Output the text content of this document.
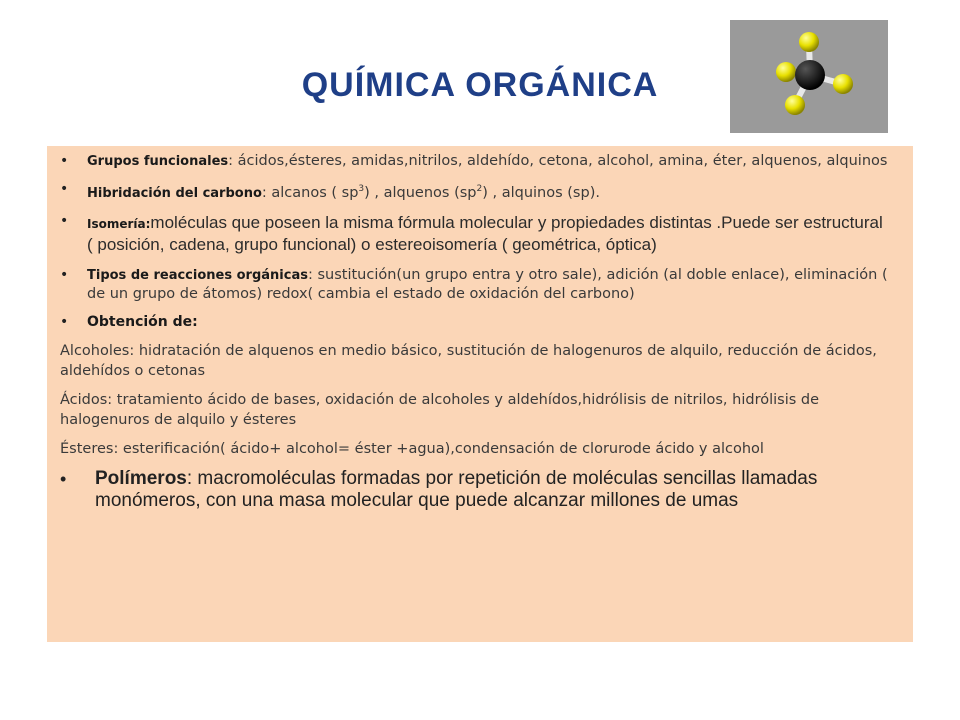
QUÍMICA ORGÁNICA
• Grupos funcionales: ácidos,ésteres, amidas,nitrilos, aldehído, cetona, alcohol, amina, éter, alquenos, alquinos
• Hibridación del carbono: alcanos ( $sp^3$) , alquenos $(sp^2)$ , alquinos (sp).
• Isomería:moléculas que poseen la misma fórmula molecular y propiedades distintas .Puede ser estructural ( posición, cadena, grupo funcional) o estereoisomería ( geométrica, óptica)
• Tipos de reacciones orgánicas: sustitución(un grupo entra y otro sale), adición (al doble enlace), eliminación ( de un grupo de átomos) redox( cambia el estado de oxidación del carbono)
• Obtención de:
Alcoholes: hidratación de alquenos en medio básico, sustitución de halogenuros de alquilo, reducción de ácidos, aldehídos o cetonas
Ácidos: tratamiento ácido de bases, oxidación de alcoholes y aldehídos,hidrólisis de nitrilos, hidrólisis de halogenuros de alquilo y ésteres
Ésteres: esterificación( ácido+ alcohol= éster +agua),condensación de clorurode ácido y alcohol
• Polímeros: macromoléculas formadas por repetición de moléculas sencillas llamadas monómeros, con una masa molecular que puede alcanzar millones de umas
